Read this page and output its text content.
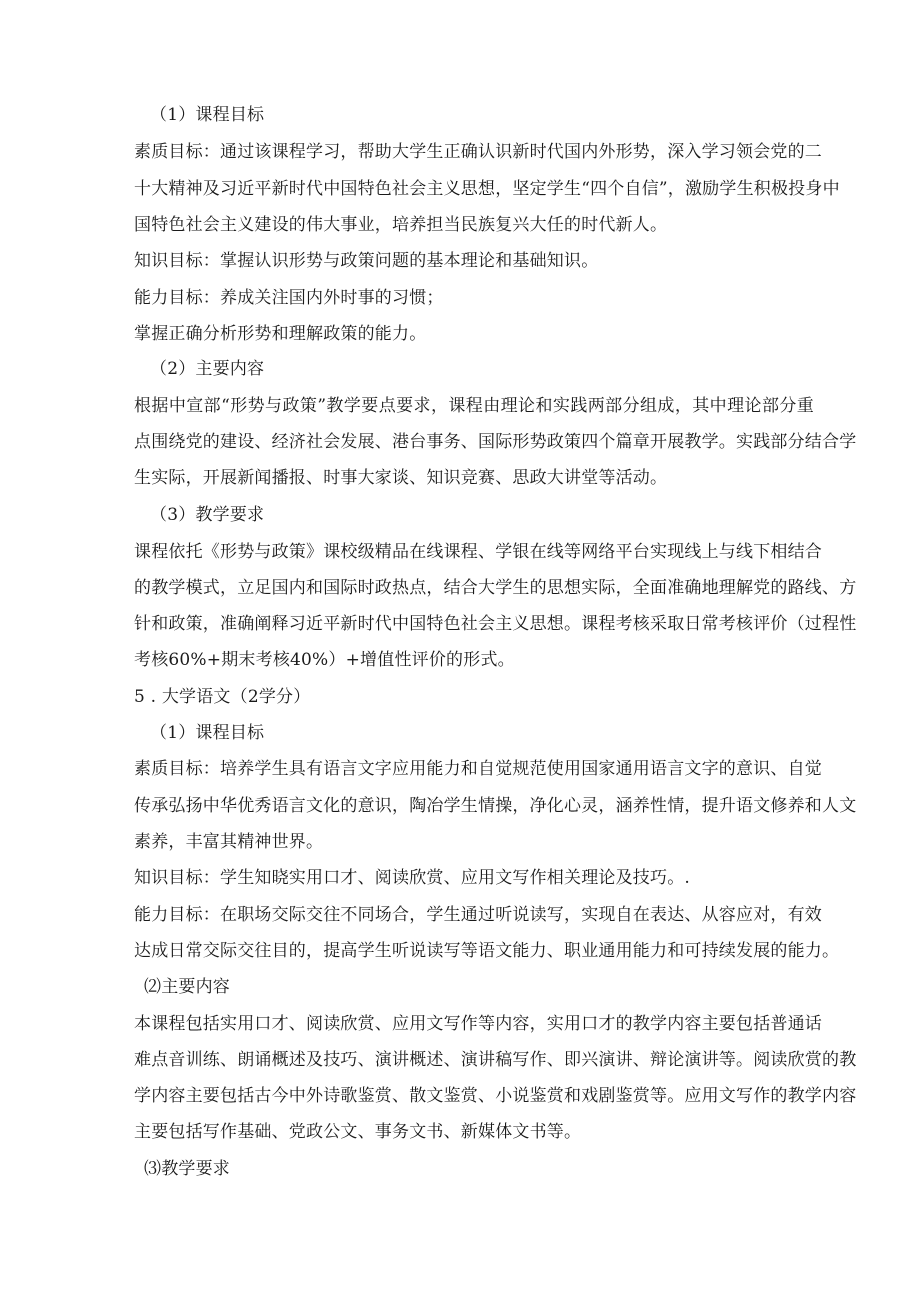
（1）课程目标

素质目标：通过该课程学习，帮助大学生正确认识新时代国内外形势，深入学习领会党的二

十大精神及习近平新时代中国特色社会主义思想，坚定学生“四个自信”，激励学生积极投身中

国特色社会主义建设的伟大事业，培养担当民族复兴大任的时代新人。

知识目标：掌握认识形势与政策问题的基本理论和基础知识。

能力目标：养成关注国内外时事的习惯；

掌握正确分析形势和理解政策的能力。

（2）主要内容

根据中宣部“形势与政策”教学要点要求，课程由理论和实践两部分组成，其中理论部分重

点围绕党的建设、经济社会发展、港台事务、国际形势政策四个篇章开展教学。实践部分结合学

生实际，开展新闻播报、时事大家谈、知识竞赛、思政大讲堂等活动。

（3）教学要求

课程依托《形势与政策》课校级精品在线课程、学银在线等网络平台实现线上与线下相结合

的教学模式，立足国内和国际时政热点，结合大学生的思想实际，全面准确地理解党的路线、方

针和政策，准确阐释习近平新时代中国特色社会主义思想。课程考核采取日常考核评价（过程性

考核60%+期末考核40%）+增值性评价的形式。

5 . 大学语文（2学分）

（1）课程目标

素质目标：培养学生具有语言文字应用能力和自觉规范使用国家通用语言文字的意识、自觉

传承弘扬中华优秀语言文化的意识，陶冶学生情操，净化心灵，涵养性情，提升语文修养和人文

素养，丰富其精神世界。

知识目标：学生知晓实用口才、阅读欣赏、应用文写作相关理论及技巧。.

能力目标：在职场交际交往不同场合，学生通过听说读写，实现自在表达、从容应对，有效

达成日常交际交往目的，提高学生听说读写等语文能力、职业通用能力和可持续发展的能力。

⑵主要内容

本课程包括实用口才、阅读欣赏、应用文写作等内容，实用口才的教学内容主要包括普通话

难点音训练、朗诵概述及技巧、演讲概述、演讲稿写作、即兴演讲、辩论演讲等。阅读欣赏的教

学内容主要包括古今中外诗歌鉴赏、散文鉴赏、小说鉴赏和戏剧鉴赏等。应用文写作的教学内容

主要包括写作基础、党政公文、事务文书、新媒体文书等。

⑶教学要求
